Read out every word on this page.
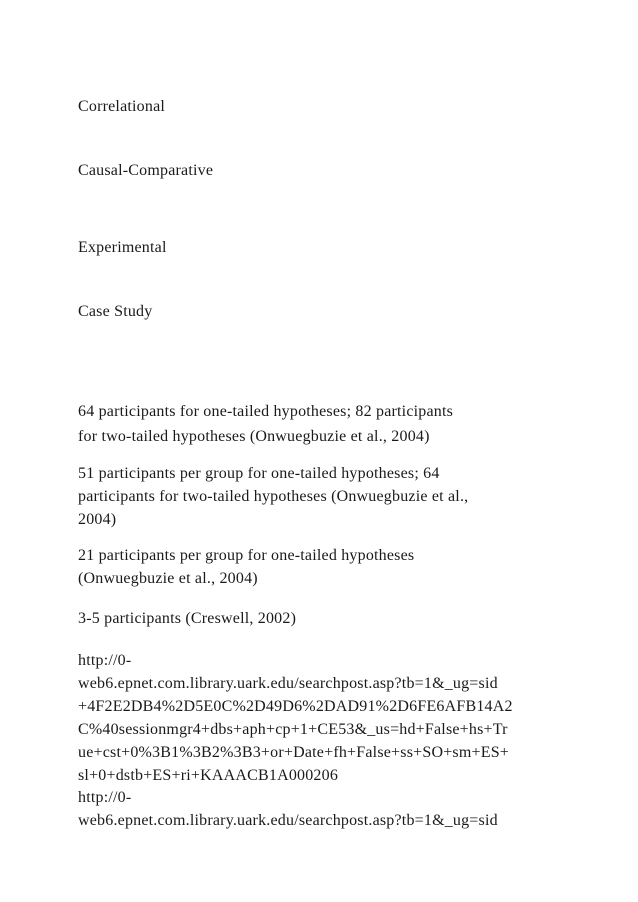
Correlational
Causal-Comparative
Experimental
Case Study
64 participants for one-tailed hypotheses; 82 participants
for two-tailed hypotheses (Onwuegbuzie et al., 2004)
51 participants per group for one-tailed hypotheses; 64
participants for two-tailed hypotheses (Onwuegbuzie et al.,
2004)
21 participants per group for one-tailed hypotheses
(Onwuegbuzie et al., 2004)
3-5 participants (Creswell, 2002)
http://0-
web6.epnet.com.library.uark.edu/searchpost.asp?tb=1&_ug=sid
+4F2E2DB4%2D5E0C%2D49D6%2DAD91%2D6FE6AFB14A2
C%40sessionmgr4+dbs+aph+cp+1+CE53&_us=hd+False+hs+Tr
ue+cst+0%3B1%3B2%3B3+or+Date+fh+False+ss+SO+sm+ES+
sl+0+dstb+ES+ri+KAAACB1A000206
http://0-
web6.epnet.com.library.uark.edu/searchpost.asp?tb=1&_ug=sid
